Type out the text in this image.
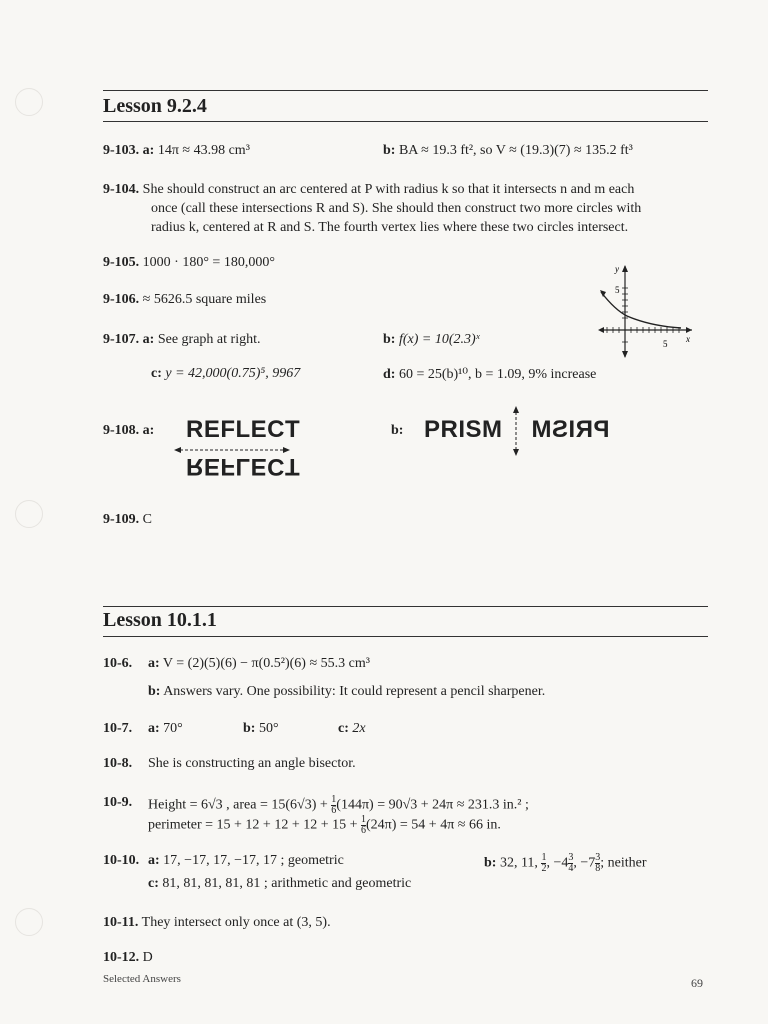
Lesson 9.2.4
9-103. a: 14π ≈ 43.98 cm³	b: BA ≈ 19.3 ft², so V ≈ (19.3)(7) ≈ 135.2 ft³
9-104. She should construct an arc centered at P with radius k so that it intersects n and m each
once (call these intersections R and S). She should then construct two more circles with
radius k, centered at R and S. The fourth vertex lies where these two circles intersect.
9-105. 1000 · 180° = 180,000°
9-106. ≈ 5626.5 square miles
y
x
5
5
9-107. a: See graph at right.	b: f(x) = 10(2.3)ˣ
c: y = 42,000(0.75)⁵, 9967	d: 60 = 25(b)¹⁰, b = 1.09, 9% increase
9-108. a: REFLECT
REFLECT
b: PRISM PRISM
9-109. C
Lesson 10.1.1
10-6. a: V = (2)(5)(6) − π(0.5²)(6) ≈ 55.3 cm³
b: Answers vary. One possibility: It could represent a pencil sharpener.
10-7. a: 70°	b: 50°	c: 2x
10-8. She is constructing an angle bisector.
10-9. Height = 6√3 , area = $15(6√3) + \frac{1}{6} (144\pi) = 90√3 + 24\pi \approx 231.3$ in.² ;
perimeter = $15 + 12 + 12 + 12 + 15 + \frac{1}{6} (24\pi) = 54 + 4\pi \approx 66$ in.
10-10. a: 17, −17, 17, −17, 17 ; geometric	b: 32, 11, $\frac{1}{2}$ , $-4 \frac{3}{4}$ , $-7 \frac{3}{8}$ ; neither
c: 81, 81, 81, 81, 81 ; arithmetic and geometric
10-11. They intersect only once at (3, 5).
10-12. D
Selected Answers	69
